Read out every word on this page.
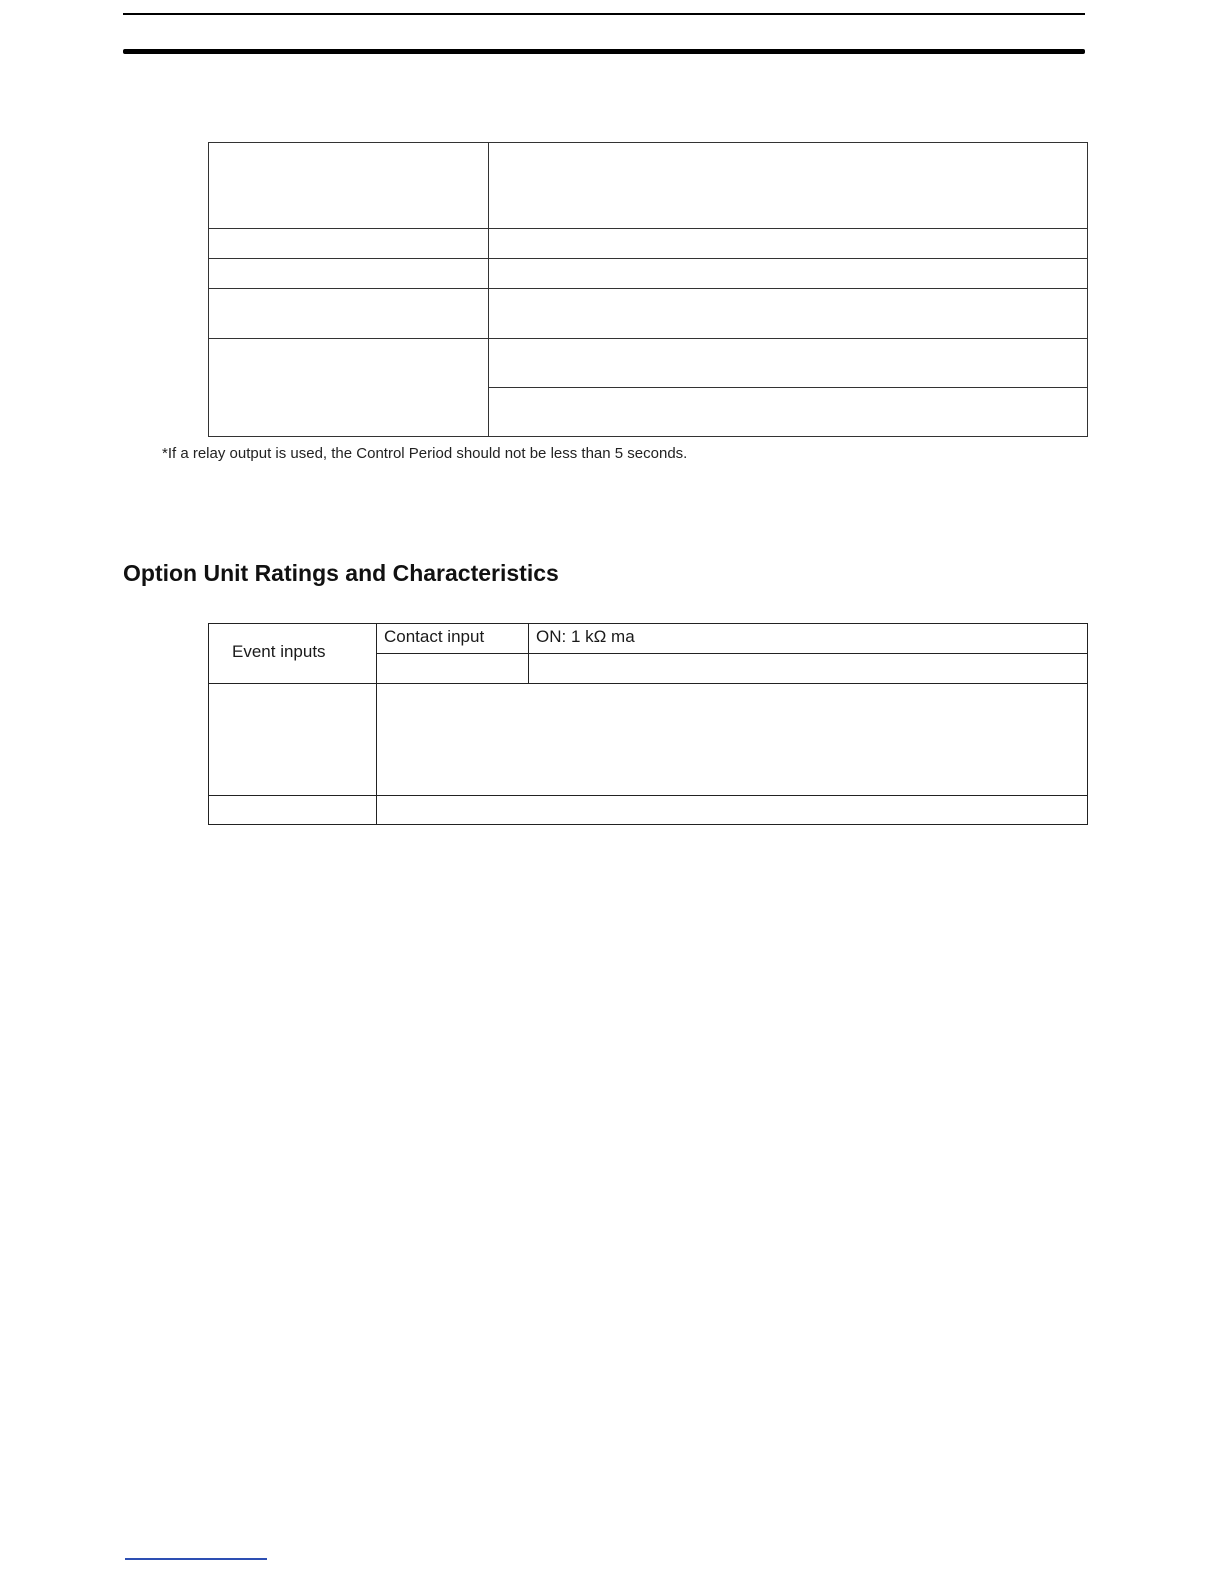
*If a relay output is used, the Control Period should not be less than 5 seconds.
Option Unit Ratings and Characteristics
Event inputs	Contact input	ON: 1 kΩ ma
